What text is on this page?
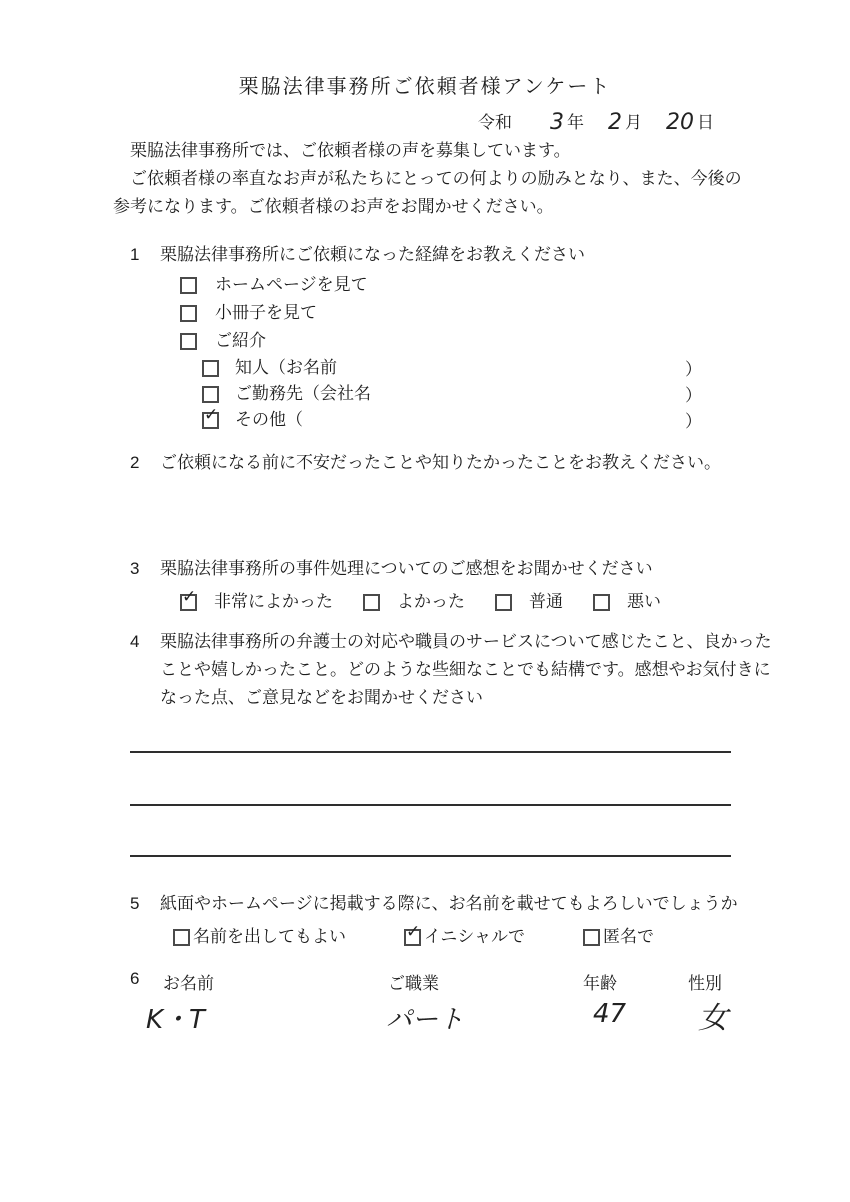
栗脇法律事務所ご依頼者様アンケート
令和 3 年 2 月 20 日

栗脇法律事務所では、ご依頼者様の声を募集しています。

ご依頼者様の率直なお声が私たちにとっての何よりの励みとなり、また、今後の参考になります。ご依頼者様のお声をお聞かせください。

1 栗脇法律事務所にご依頼になった経緯をお教えください
ホームページを見て
小冊子を見て
ご紹介
知人（お名前	）
ご勤務先（会社名	）
✓ その他（	）
2 ご依頼になる前に不安だったことや知りたかったことをお教えください。
3 栗脇法律事務所の事件処理についてのご感想をお聞かせください
✓ 非常によかった	よかった	普通	悪い
4 栗脇法律事務所の弁護士の対応や職員のサービスについて感じたこと、良かったことや嬉しかったこと。どのような些細なことでも結構です。感想やお気付きになった点、ご意見などをお聞かせください
5 紙面やホームページに掲載する際に、お名前を載せてもよろしいでしょうか
名前を出してもよい	✓ イニシャルで	匿名で
6 お名前	ご職業	年齢	性別
K・T	パート	47 女
